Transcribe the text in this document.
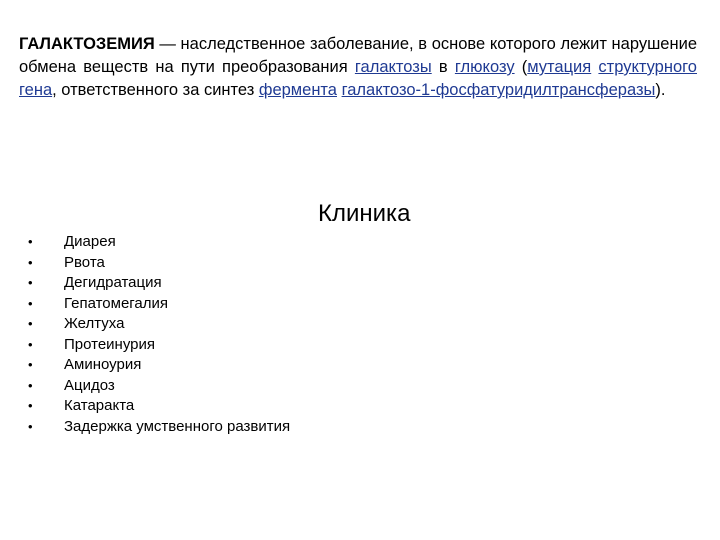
ГАЛАКТОЗЕМИЯ — наследственное заболевание, в основе которого лежит нарушение обмена веществ на пути преобразования галактозы в глюкозу (мутация структурного гена, ответственного за синтез фермента галактозо-1-фосфатуридилтрансферазы).

Клиника
• Диарея
• Рвота
• Дегидратация
• Гепатомегалия
• Желтуха
• Протеинурия
• Аминоурия
• Ацидоз
• Катаракта
• Задержка умственного развития
